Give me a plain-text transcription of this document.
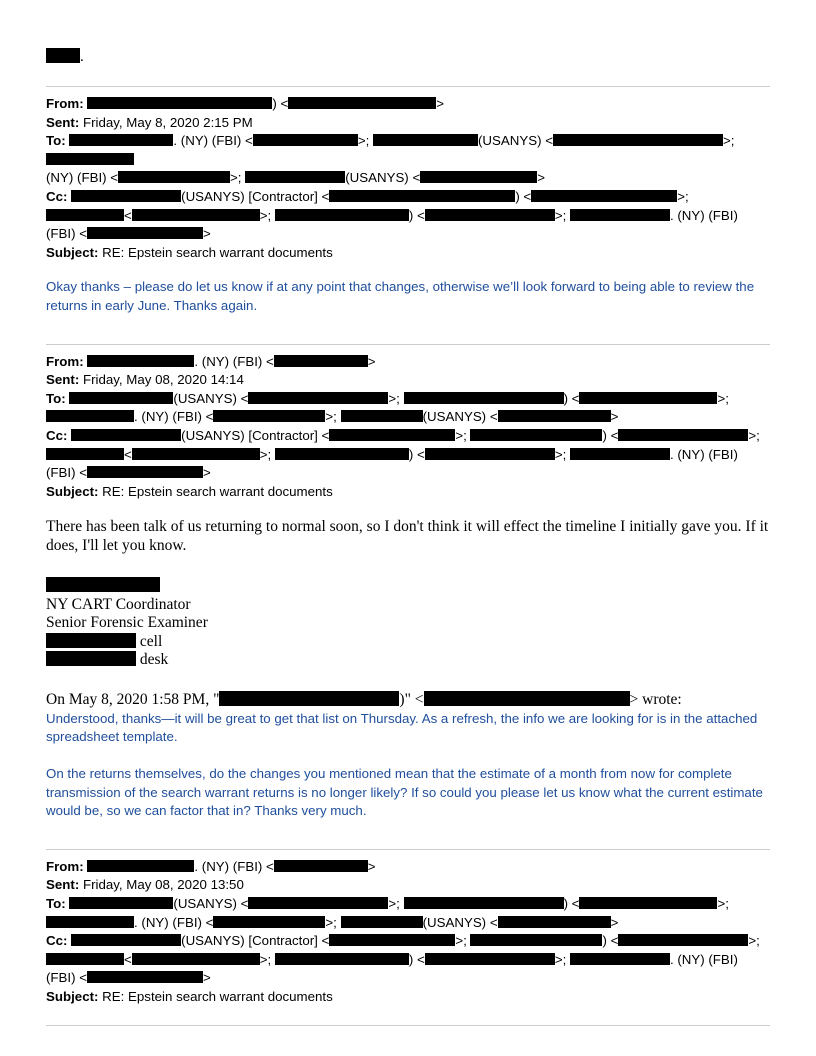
.
From:	) <	>
Sent: Friday, May 8, 2020 2:15 PM
To:	. (NY) (FBI) <	>;	(USANYS) <	>;
(NY) (FBI) <	>;	(USANYS) <	>
Cc:	(USANYS) [Contractor] <	) <	>;
<	>;	) <	>;	. (NY) (FBI)
(FBI) <	>
Subject: RE: Epstein search warrant documents

Okay thanks – please do let us know if at any point that changes, otherwise we’ll look forward to being able to review the returns in early June. Thanks again.

From:	. (NY) (FBI) <	>
Sent: Friday, May 08, 2020 14:14
To:	(USANYS) <	>;	) <	>;
. (NY) (FBI) <	>;	(USANYS) <	>
Cc:	(USANYS) [Contractor] <	>;	) <	>;
<	>;	) <	>;	. (NY) (FBI)
(FBI) <	>
Subject: RE: Epstein search warrant documents

There has been talk of us returning to normal soon, so I don't think it will effect the timeline I initially gave you. If it does, I'll let you know.

NY CART Coordinator
Senior Forensic Examiner
cell
desk
On May 8, 2020 1:58 PM, "	)" <	> wrote:

Understood, thanks—it will be great to get that list on Thursday. As a refresh, the info we are looking for is in the attached spreadsheet template.

On the returns themselves, do the changes you mentioned mean that the estimate of a month from now for complete transmission of the search warrant returns is no longer likely? If so could you please let us know what the current estimate would be, so we can factor that in? Thanks very much.

From:	. (NY) (FBI) <	>
Sent: Friday, May 08, 2020 13:50
To:	(USANYS) <	>;	) <	>;
. (NY) (FBI) <	>;	(USANYS) <	>
Cc:	(USANYS) [Contractor] <	>;	) <	>;
<	>;	) <	>;	. (NY) (FBI)
(FBI) <	>
Subject: RE: Epstein search warrant documents
